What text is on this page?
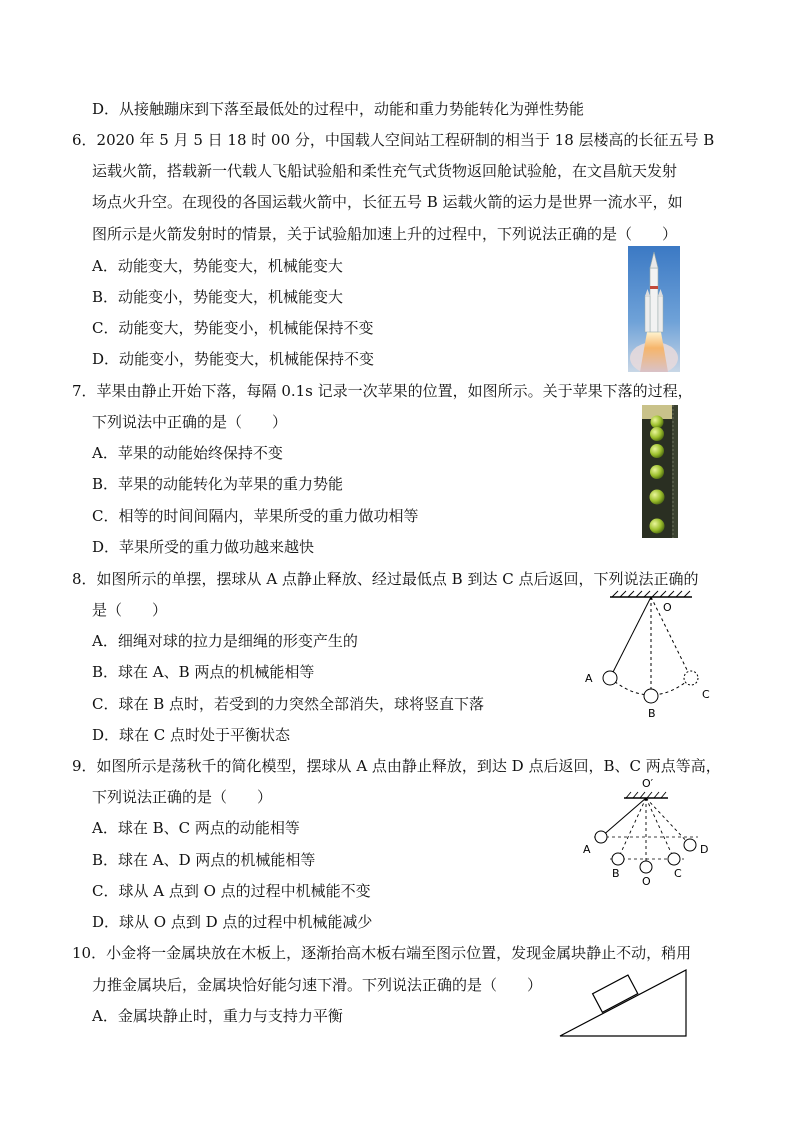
D．从接触蹦床到下落至最低处的过程中，动能和重力势能转化为弹性势能
6．2020 年 5 月 5 日 18 时 00 分，中国载人空间站工程研制的相当于 18 层楼高的长征五号 B
运载火箭，搭载新一代载人飞船试验船和柔性充气式货物返回舱试验舱，在文昌航天发射
场点火升空。在现役的各国运载火箭中，长征五号 B 运载火箭的运力是世界一流水平，如
图所示是火箭发射时的情景，关于试验船加速上升的过程中，下列说法正确的是（　　）
A．动能变大，势能变大，机械能变大
B．动能变小，势能变大，机械能变大
C．动能变大，势能变小，机械能保持不变
D．动能变小，势能变大，机械能保持不变
7．苹果由静止开始下落，每隔 0.1s 记录一次苹果的位置，如图所示。关于苹果下落的过程，
下列说法中正确的是（　　）
A．苹果的动能始终保持不变
B．苹果的动能转化为苹果的重力势能
C．相等的时间间隔内，苹果所受的重力做功相等
D．苹果所受的重力做功越来越快
8．如图所示的单摆，摆球从 A 点静止释放、经过最低点 B 到达 C 点后返回，下列说法正确的
是（　　）
A．细绳对球的拉力是细绳的形变产生的
B．球在 A、B 两点的机械能相等
C．球在 B 点时，若受到的力突然全部消失，球将竖直下落
D．球在 C 点时处于平衡状态
O
A
B
C
9．如图所示是荡秋千的简化模型，摆球从 A 点由静止释放，到达 D 点后返回，B、C 两点等高，
下列说法正确的是（　　）
A．球在 B、C 两点的动能相等
B．球在 A、D 两点的机械能相等
C．球从 A 点到 O 点的过程中机械能不变
D．球从 O 点到 D 点的过程中机械能减少
O′
A
B
O
C
D
10．小金将一金属块放在木板上，逐渐抬高木板右端至图示位置，发现金属块静止不动，稍用
力推金属块后，金属块恰好能匀速下滑。下列说法正确的是（　　）
A．金属块静止时，重力与支持力平衡
